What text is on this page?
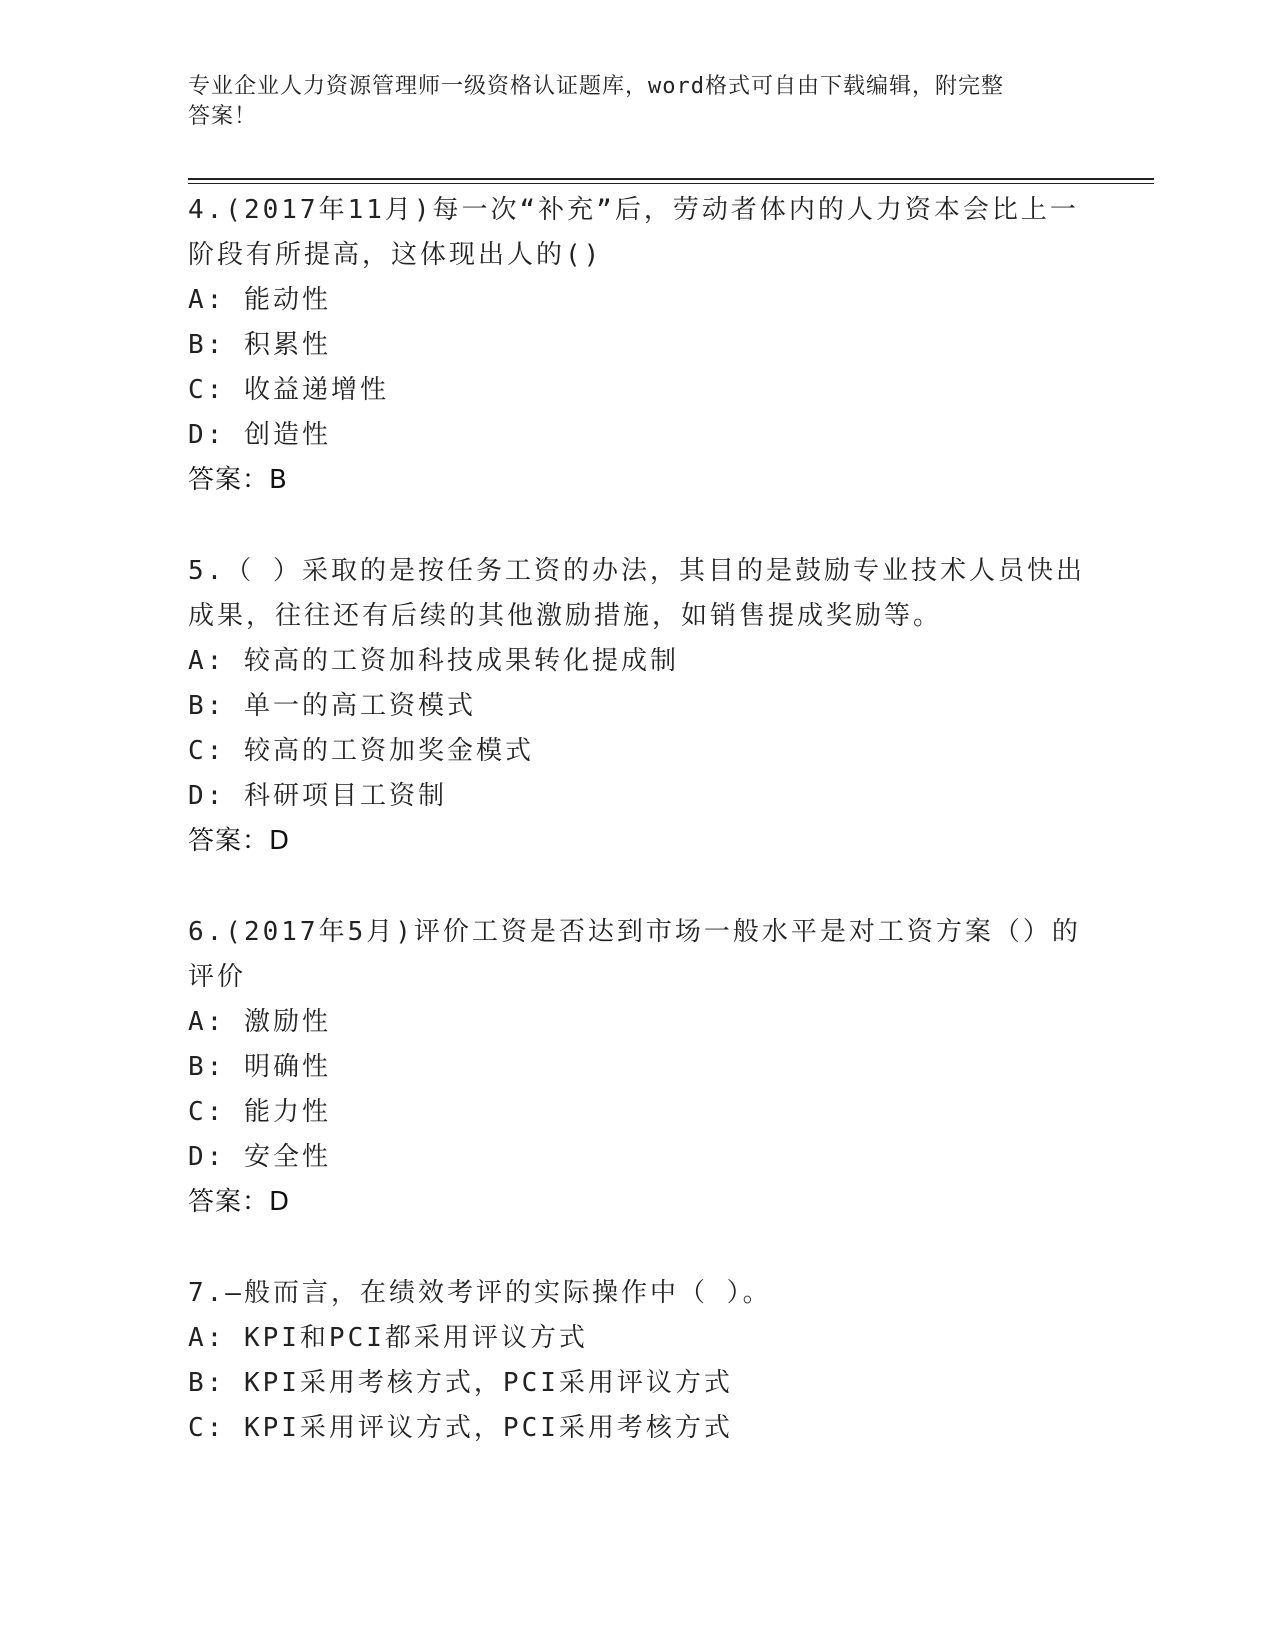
专业企业人力资源管理师一级资格认证题库，word格式可自由下载编辑，附完整
答案！

4.(2017年11月)每一次“补充”后，劳动者体内的人力资本会比上一阶段有所提高，这体现出人的()

A: 能动性

B: 积累性

C: 收益递增性

D: 创造性

答案：B

5.（ ）采取的是按任务工资的办法，其目的是鼓励专业技术人员快出成果，往往还有后续的其他激励措施，如销售提成奖励等。

A: 较高的工资加科技成果转化提成制

B: 单一的高工资模式

C: 较高的工资加奖金模式

D: 科研项目工资制

答案：D

6.(2017年5月)评价工资是否达到市场一般水平是对工资方案（）的评价

A: 激励性

B: 明确性

C: 能力性

D: 安全性

答案：D

7.—般而言，在绩效考评的实际操作中（ ）。

A: KPI和PCI都采用评议方式

B: KPI采用考核方式，PCI采用评议方式

C: KPI采用评议方式，PCI采用考核方式
